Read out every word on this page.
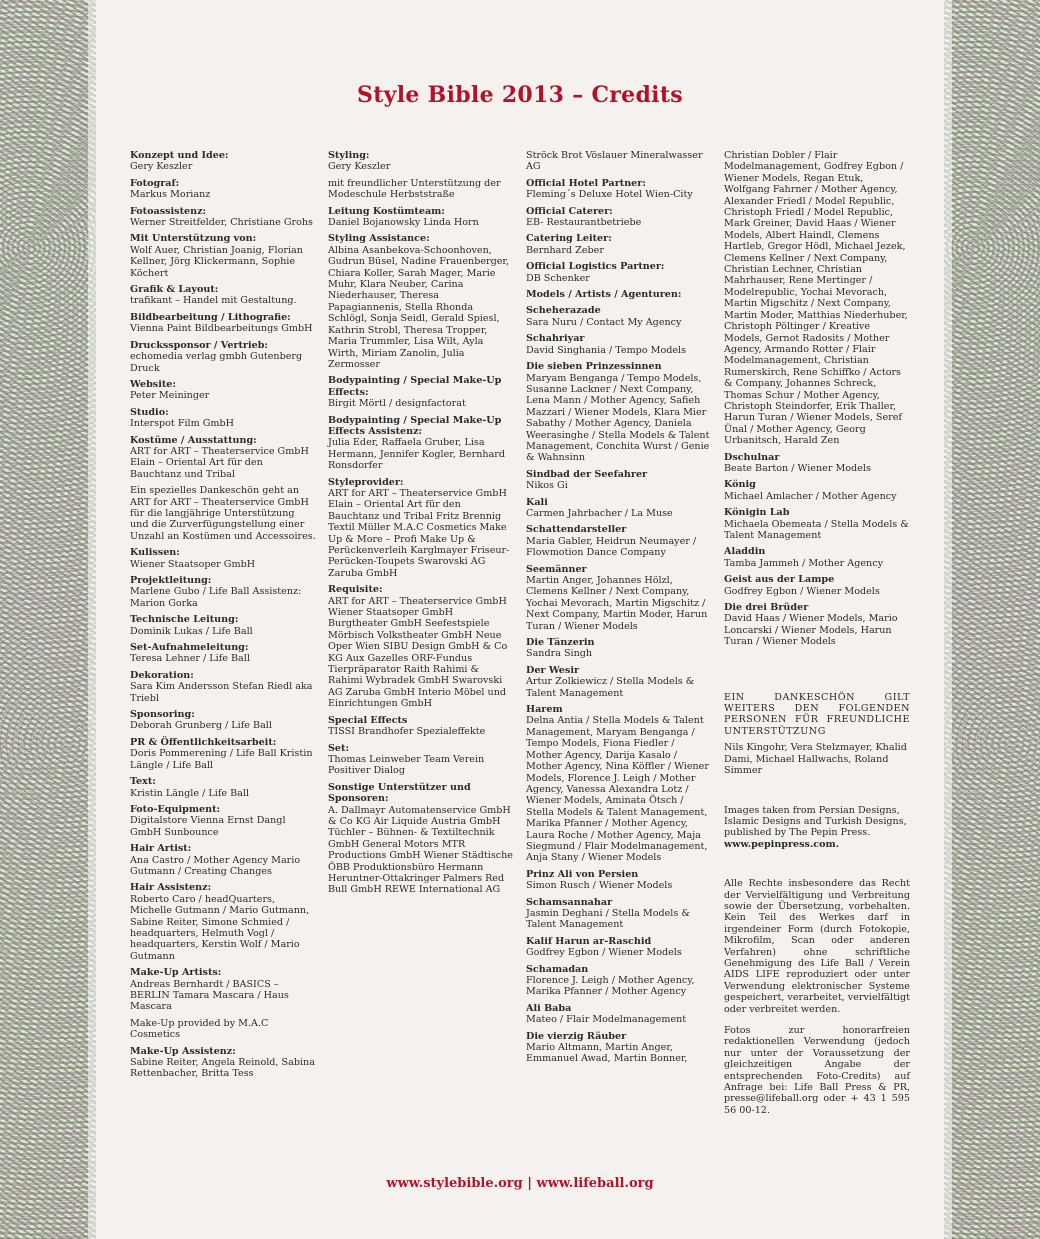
Style Bible 2013 – Credits
Konzept und Idee:
Gery Keszler
Fotograf:
Markus Morianz
Fotoassistenz:
Werner Streitfelder, Christiane Grohs
Mit Unterstützung von:
Wolf Auer, Christian Joanig, Florian Kellner, Jörg Klickermann, Sophie Köchert
Grafik & Layout:
trafikant – Handel mit Gestaltung.
Bildbearbeitung / Lithografie:
Vienna Paint Bildbearbeitungs GmbH
Druckssponsor / Vertrieb:
echomedia verlag gmbh Gutenberg Druck
Website:
Peter Meininger
Studio:
Interspot Film GmbH
Kostüme / Ausstattung:
ART for ART – Theaterservice GmbH Elain – Oriental Art für den Bauchtanz und Tribal
Ein spezielles Dankeschön geht an ART for ART – Theaterservice GmbH für die langjährige Unterstützung und die Zurverfügungstellung einer Unzahl an Kostümen und Accessoires.
Kulissen:
Wiener Staatsoper GmbH
Projektleitung:
Marlene Gubo / Life Ball Assistenz: Marion Gorka
Technische Leitung:
Dominik Lukas / Life Ball
Set-Aufnahmeleitung:
Teresa Lehner / Life Ball
Dekoration:
Sara Kim Andersson Stefan Riedl aka Triebl
Sponsoring:
Deborah Grunberg / Life Ball
PR & Öffentlichkeitsarbeit:
Doris Pommerening / Life Ball Kristin Längle / Life Ball
Text:
Kristin Längle / Life Ball
Foto-Equipment:
Digitalstore Vienna Ernst Dangl GmbH Sunbounce
Hair Artist:
Ana Castro / Mother Agency Mario Gutmann / Creating Changes
Hair Assistenz:
Roberto Caro / headQuarters, Michelle Gutmann / Mario Gutmann, Sabine Reiter, Simone Schmied / headquarters, Helmuth Vogl / headquarters, Kerstin Wolf / Mario Gutmann
Make-Up Artists:
Andreas Bernhardt / BASICS – BERLIN Tamara Mascara / Haus Mascara
Make-Up provided by M.A.C Cosmetics
Make-Up Assistenz:
Sabine Reiter, Angela Reinold, Sabina Rettenbacher, Britta Tess
Styling:
Gery Keszler
mit freundlicher Unterstützung der Modeschule Herbststraße
Leitung Kostümteam:
Daniel Bojanowsky Linda Horn
Styling Assistance:
Albina Asanbekova-Schoonhoven, Gudrun Büsel, Nadine Frauenberger, Chiara Koller, Sarah Mager, Marie Muhr, Klara Neuber, Carina Niederhauser, Theresa Papagiannenis, Stella Rhonda Schlögl, Sonja Seidl, Gerald Spiesl, Kathrin Strobl, Theresa Tropper, Maria Trummler, Lisa Wilt, Ayla Wirth, Miriam Zanolin, Julia Zermosser
Bodypainting / Special Make-Up Effects:
Birgit Mörtl / designfactorat
Bodypainting / Special Make-Up Effects Assistenz:
Julia Eder, Raffaela Gruber, Lisa Hermann, Jennifer Kogler, Bernhard Ronsdorfer
Styleprovider:
ART for ART – Theaterservice GmbH Elain – Oriental Art für den Bauchtanz und Tribal Fritz Brennig Textil Müller M.A.C Cosmetics Make Up & More – Profi Make Up & Perückenverleih Karglmayer Friseur-Perücken-Toupets Swarovski AG Zaruba GmbH
Requisite:
ART for ART – Theaterservice GmbH Wiener Staatsoper GmbH Burgtheater GmbH Seefestspiele Mörbisch Volkstheater GmbH Neue Oper Wien SIBU Design GmbH & Co KG Aux Gazelles ORF-Fundus Tierpräparator Raith Rahimi & Rahimi Wybradek GmbH Swarovski AG Zaruba GmbH Interio Möbel und Einrichtungen GmbH
Special Effects
TISSI Brandhofer Spezialeffekte
Set:
Thomas Leinweber Team Verein Positiver Dialog
Sonstige Unterstützer und Sponsoren:
A. Dallmayr Automatenservice GmbH & Co KG Air Liquide Austria GmbH Tüchler – Bühnen- & Textiltechnik GmbH General Motors MTR Productions GmbH Wiener Städtische ÖBB Produktionsbüro Hermann Heruntner-Ottakringer Palmers Red Bull GmbH REWE International AG
Ströck Brot Vöslauer Mineralwasser AG
Official Hotel Partner:
Fleming´s Deluxe Hotel Wien-City
Official Caterer:
EB- Restaurantbetriebe
Catering Leiter:
Bernhard Zeber
Official Logistics Partner:
DB Schenker
Models / Artists / Agenturen:
Scheherazade
Sara Nuru / Contact My Agency
Schahriyar
David Singhania / Tempo Models
Die sieben Prinzessinnen
Maryam Benganga / Tempo Models, Susanne Lackner / Next Company, Lena Mann / Mother Agency, Safieh Mazzari / Wiener Models, Klara Mier Sabathy / Mother Agency, Daniela Weerasinghe / Stella Models & Talent Management, Conchita Wurst / Genie & Wahnsinn
Sindbad der Seefahrer
Nikos Gi
Kali
Carmen Jahrbacher / La Muse
Schattendarsteller
Maria Gabler, Heidrun Neumayer / Flowmotion Dance Company
Seemänner
Martin Anger, Johannes Hölzl, Clemens Kellner / Next Company, Yochai Mevorach, Martin Migschitz / Next Company, Martin Moder, Harun Turan / Wiener Models
Die Tänzerin
Sandra Singh
Der Wesir
Artur Zolkiewicz / Stella Models & Talent Management
Harem
Delna Antia / Stella Models & Talent Management, Maryam Benganga / Tempo Models, Fiona Fiedler / Mother Agency, Darija Kasalo / Mother Agency, Nina Köffler / Wiener Models, Florence J. Leigh / Mother Agency, Vanessa Alexandra Lotz / Wiener Models, Aminata Ötsch / Stella Models & Talent Management, Marika Pfanner / Mother Agency, Laura Roche / Mother Agency, Maja Siegmund / Flair Modelmanagement, Anja Stany / Wiener Models
Prinz Ali von Persien
Simon Rusch / Wiener Models
Schamsannahar
Jasmin Deghani / Stella Models & Talent Management
Kalif Harun ar-Raschid
Godfrey Egbon / Wiener Models
Schamadan
Florence J. Leigh / Mother Agency, Marika Pfanner / Mother Agency
Ali Baba
Mateo / Flair Modelmanagement
Die vierzig Räuber
Mario Altmann, Martin Anger, Emmanuel Awad, Martin Bonner,
Christian Dobler / Flair Modelmanagement, Godfrey Egbon / Wiener Models, Regan Etuk, Wolfgang Fahrner / Mother Agency, Alexander Friedl / Model Republic, Christoph Friedl / Model Republic, Mark Greiner, David Haas / Wiener Models, Albert Haindl, Clemens Hartleb, Gregor Hödl, Michael Jezek, Clemens Kellner / Next Company, Christian Lechner, Christian Mahrhauser, Rene Mertinger / Modelrepublic, Yochai Mevorach, Martin Migschitz / Next Company, Martin Moder, Matthias Niederhuber, Christoph Pöltinger / Kreative Models, Gernot Radosits / Mother Agency, Armando Rotter / Flair Modelmanagement, Christian Rumerskirch, Rene Schiffko / Actors & Company, Johannes Schreck, Thomas Schur / Mother Agency, Christoph Steindorfer, Erik Thaller, Harun Turan / Wiener Models, Seref Ünal / Mother Agency, Georg Urbanitsch, Harald Zen
Dschulnar
Beate Barton / Wiener Models
König
Michael Amlacher / Mother Agency
Königin Lab
Michaela Obemeata / Stella Models & Talent Management
Aladdin
Tamba Jammeh / Mother Agency
Geist aus der Lampe
Godfrey Egbon / Wiener Models
Die drei Brüder
David Haas / Wiener Models, Mario Loncarski / Wiener Models, Harun Turan / Wiener Models
EIN DANKESCHÖN GILT WEITERS DEN FOLGENDEN PERSONEN FÜR FREUNDLICHE UNTERSTÜTZUNG
Nils Kingohr, Vera Stelzmayer, Khalid Dami, Michael Hallwachs, Roland Simmer
Images taken from Persian Designs, Islamic Designs and Turkish Designs, published by The Pepin Press. www.pepinpress.com.
Alle Rechte insbesondere das Recht der Vervielfältigung und Verbreitung sowie der Übersetzung, vorbehalten. Kein Teil des Werkes darf in irgendeiner Form (durch Fotokopie, Mikrofilm, Scan oder anderen Verfahren) ohne schriftliche Genehmigung des Life Ball / Verein AIDS LIFE reproduziert oder unter Verwendung elektronischer Systeme gespeichert, verarbeitet, vervielfältigt oder verbreitet werden.
Fotos zur honorarfreien redaktionellen Verwendung (jedoch nur unter der Voraussetzung der gleichzeitigen Angabe der entsprechenden Foto-Credits) auf Anfrage bei: Life Ball Press & PR, presse@lifeball.org oder + 43 1 595 56 00-12.
www.stylebible.org | www.lifeball.org
